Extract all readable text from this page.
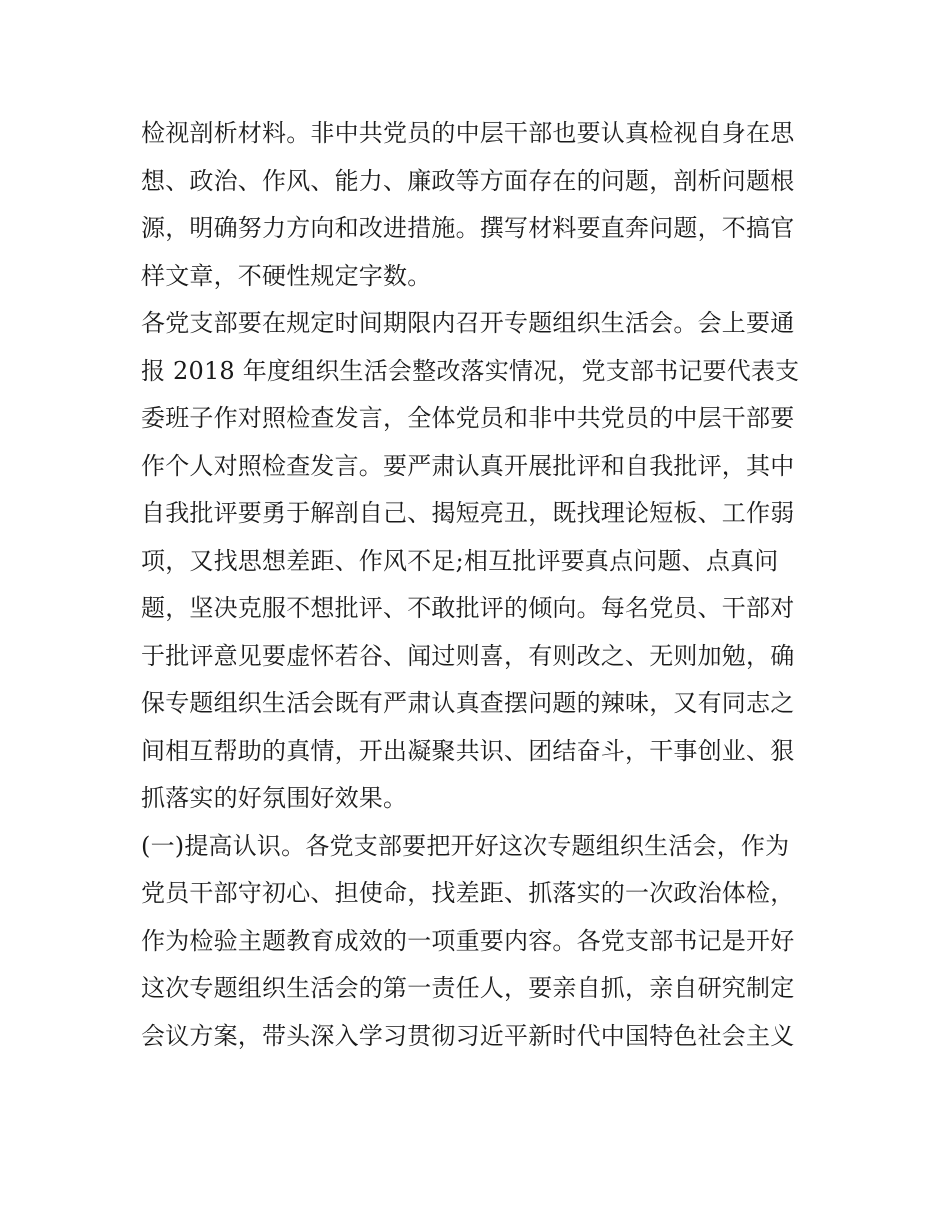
检视剖析材料。非中共党员的中层干部也要认真检视自身在思
想、政治、作风、能力、廉政等方面存在的问题，剖析问题根
源，明确努力方向和改进措施。撰写材料要直奔问题，不搞官
样文章，不硬性规定字数。
各党支部要在规定时间期限内召开专题组织生活会。会上要通
报 2018 年度组织生活会整改落实情况，党支部书记要代表支
委班子作对照检查发言，全体党员和非中共党员的中层干部要
作个人对照检查发言。要严肃认真开展批评和自我批评，其中
自我批评要勇于解剖自己、揭短亮丑，既找理论短板、工作弱
项，又找思想差距、作风不足;相互批评要真点问题、点真问
题，坚决克服不想批评、不敢批评的倾向。每名党员、干部对
于批评意见要虚怀若谷、闻过则喜，有则改之、无则加勉，确
保专题组织生活会既有严肃认真查摆问题的辣味，又有同志之
间相互帮助的真情，开出凝聚共识、团结奋斗，干事创业、狠
抓落实的好氛围好效果。
(一)提高认识。各党支部要把开好这次专题组织生活会，作为
党员干部守初心、担使命，找差距、抓落实的一次政治体检，
作为检验主题教育成效的一项重要内容。各党支部书记是开好
这次专题组织生活会的第一责任人，要亲自抓，亲自研究制定
会议方案，带头深入学习贯彻习近平新时代中国特色社会主义
